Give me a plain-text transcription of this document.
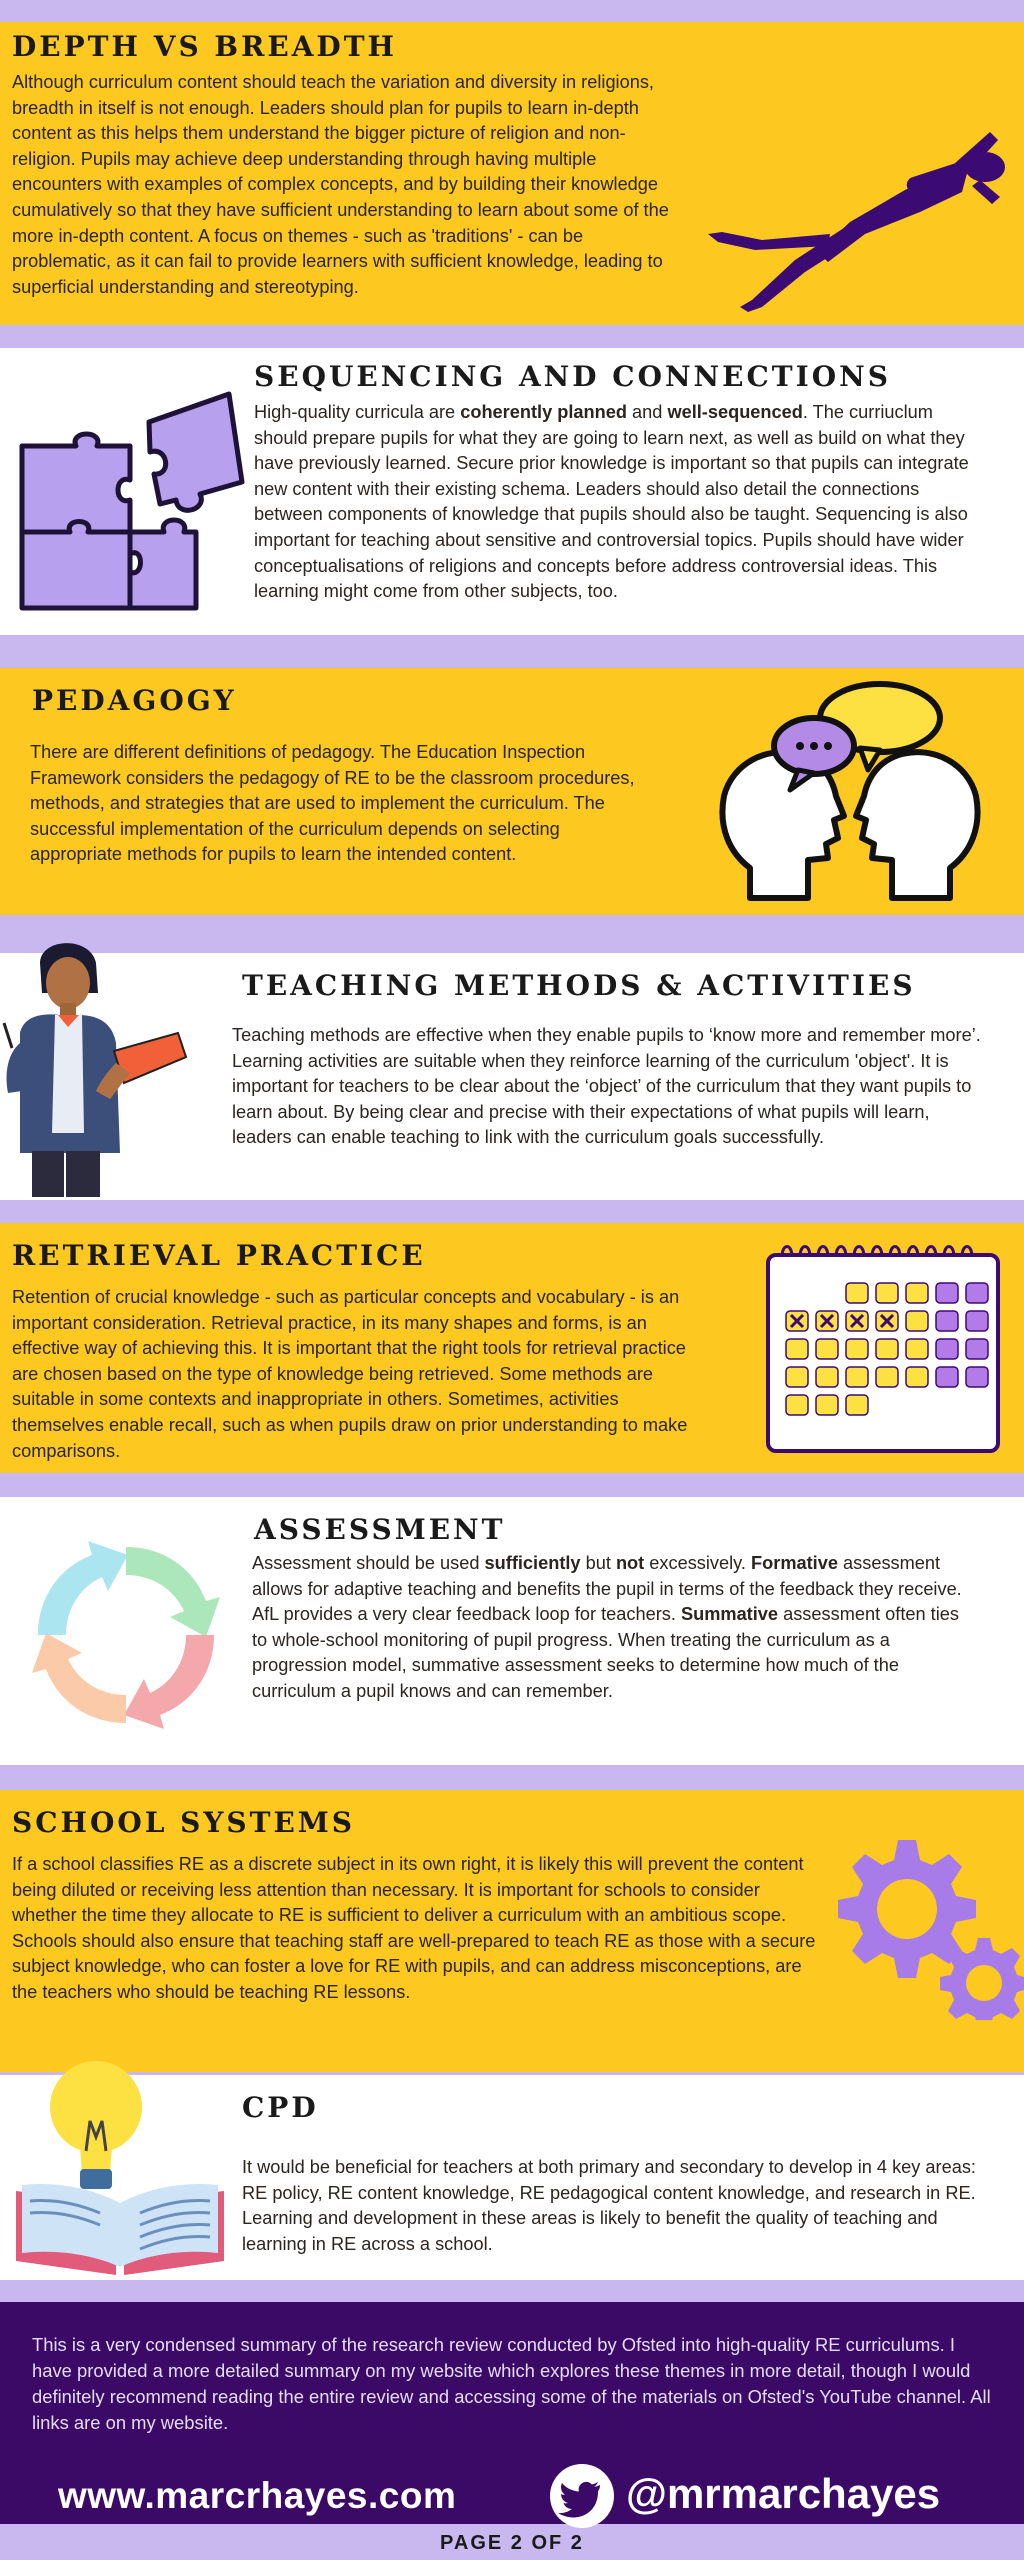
DEPTH VS BREADTH

Although curriculum content should teach the variation and diversity in religions, breadth in itself is not enough. Leaders should plan for pupils to learn in-depth content as this helps them understand the bigger picture of religion and non-religion. Pupils may achieve deep understanding through having multiple encounters with examples of complex concepts, and by building their knowledge cumulatively so that they have sufficient understanding to learn about some of the more in-depth content. A focus on themes - such as 'traditions' - can be problematic, as it can fail to provide learners with sufficient knowledge, leading to superficial understanding and stereotyping.

SEQUENCING AND CONNECTIONS

High-quality curricula are coherently planned and well-sequenced. The curriuclum should prepare pupils for what they are going to learn next, as well as build on what they have previously learned. Secure prior knowledge is important so that pupils can integrate new content with their existing schema. Leaders should also detail the connections between components of knowledge that pupils should also be taught. Sequencing is also important for teaching about sensitive and controversial topics. Pupils should have wider conceptualisations of religions and concepts before address controversial ideas. This learning might come from other subjects, too.

PEDAGOGY

There are different definitions of pedagogy. The Education Inspection Framework considers the pedagogy of RE to be the classroom procedures, methods, and strategies that are used to implement the curriculum. The successful implementation of the curriculum depends on selecting appropriate methods for pupils to learn the intended content.

TEACHING METHODS & ACTIVITIES

Teaching methods are effective when they enable pupils to ‘know more and remember more’. Learning activities are suitable when they reinforce learning of the curriculum 'object'. It is important for teachers to be clear about the ‘object’ of the curriculum that they want pupils to learn about. By being clear and precise with their expectations of what pupils will learn, leaders can enable teaching to link with the curriculum goals successfully.

RETRIEVAL PRACTICE

Retention of crucial knowledge - such as particular concepts and vocabulary - is an important consideration. Retrieval practice, in its many shapes and forms, is an effective way of achieving this. It is important that the right tools for retrieval practice are chosen based on the type of knowledge being retrieved. Some methods are suitable in some contexts and inappropriate in others. Sometimes, activities themselves enable recall, such as when pupils draw on prior understanding to make comparisons.

ASSESSMENT

Assessment should be used sufficiently but not excessively. Formative assessment allows for adaptive teaching and benefits the pupil in terms of the feedback they receive. AfL provides a very clear feedback loop for teachers. Summative assessment often ties to whole-school monitoring of pupil progress. When treating the curriculum as a progression model, summative assessment seeks to determine how much of the curriculum a pupil knows and can remember.

SCHOOL SYSTEMS

If a school classifies RE as a discrete subject in its own right, it is likely this will prevent the content being diluted or receiving less attention than necessary. It is important for schools to consider whether the time they allocate to RE is sufficient to deliver a curriculum with an ambitious scope. Schools should also ensure that teaching staff are well-prepared to teach RE as those with a secure subject knowledge, who can foster a love for RE with pupils, and can address misconceptions, are the teachers who should be teaching RE lessons.

CPD

It would be beneficial for teachers at both primary and secondary to develop in 4 key areas: RE policy, RE content knowledge, RE pedagogical content knowledge, and research in RE. Learning and development in these areas is likely to benefit the quality of teaching and learning in RE across a school.

This is a very condensed summary of the research review conducted by Ofsted into high-quality RE curriculums. I have provided a more detailed summary on my website which explores these themes in more detail, though I would definitely recommend reading the entire review and accessing some of the materials on Ofsted's YouTube channel. All links are on my website.

www.marcrhayes.com	@mrmarchayes

PAGE 2 OF 2
